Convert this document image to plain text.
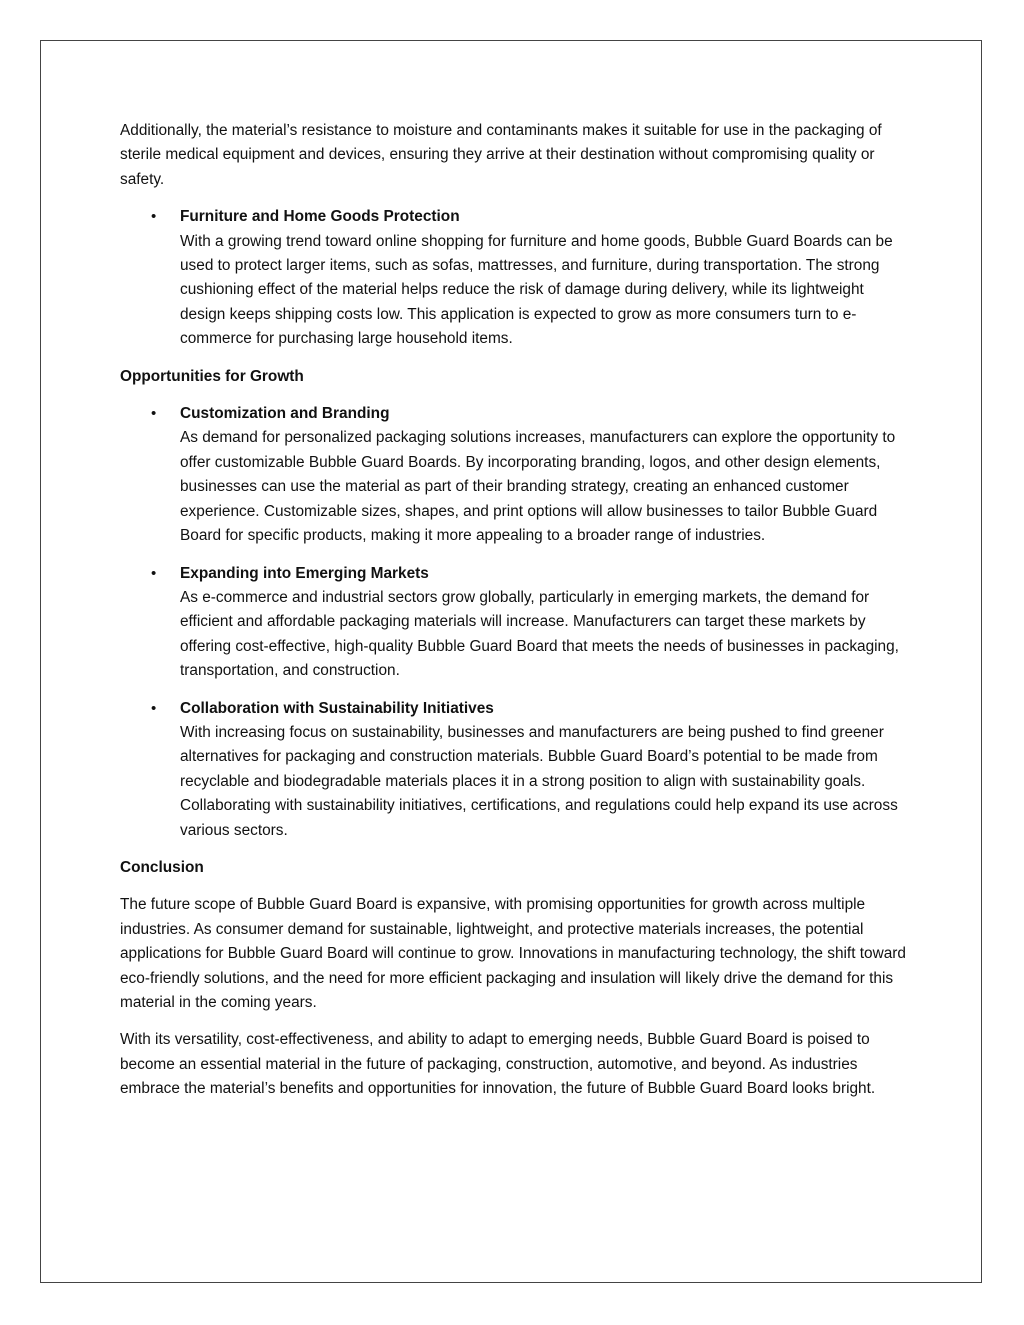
Additionally, the material’s resistance to moisture and contaminants makes it suitable for use in the packaging of sterile medical equipment and devices, ensuring they arrive at their destination without compromising quality or safety.

• Furniture and Home Goods Protection
With a growing trend toward online shopping for furniture and home goods, Bubble Guard Boards can be used to protect larger items, such as sofas, mattresses, and furniture, during transportation. The strong cushioning effect of the material helps reduce the risk of damage during delivery, while its lightweight design keeps shipping costs low. This application is expected to grow as more consumers turn to e-commerce for purchasing large household items.
Opportunities for Growth
• Customization and Branding
As demand for personalized packaging solutions increases, manufacturers can explore the opportunity to offer customizable Bubble Guard Boards. By incorporating branding, logos, and other design elements, businesses can use the material as part of their branding strategy, creating an enhanced customer experience. Customizable sizes, shapes, and print options will allow businesses to tailor Bubble Guard Board for specific products, making it more appealing to a broader range of industries.
• Expanding into Emerging Markets
As e-commerce and industrial sectors grow globally, particularly in emerging markets, the demand for efficient and affordable packaging materials will increase. Manufacturers can target these markets by offering cost-effective, high-quality Bubble Guard Board that meets the needs of businesses in packaging, transportation, and construction.
• Collaboration with Sustainability Initiatives
With increasing focus on sustainability, businesses and manufacturers are being pushed to find greener alternatives for packaging and construction materials. Bubble Guard Board’s potential to be made from recyclable and biodegradable materials places it in a strong position to align with sustainability goals. Collaborating with sustainability initiatives, certifications, and regulations could help expand its use across various sectors.
Conclusion

The future scope of Bubble Guard Board is expansive, with promising opportunities for growth across multiple industries. As consumer demand for sustainable, lightweight, and protective materials increases, the potential applications for Bubble Guard Board will continue to grow. Innovations in manufacturing technology, the shift toward eco-friendly solutions, and the need for more efficient packaging and insulation will likely drive the demand for this material in the coming years.

With its versatility, cost-effectiveness, and ability to adapt to emerging needs, Bubble Guard Board is poised to become an essential material in the future of packaging, construction, automotive, and beyond. As industries embrace the material’s benefits and opportunities for innovation, the future of Bubble Guard Board looks bright.
